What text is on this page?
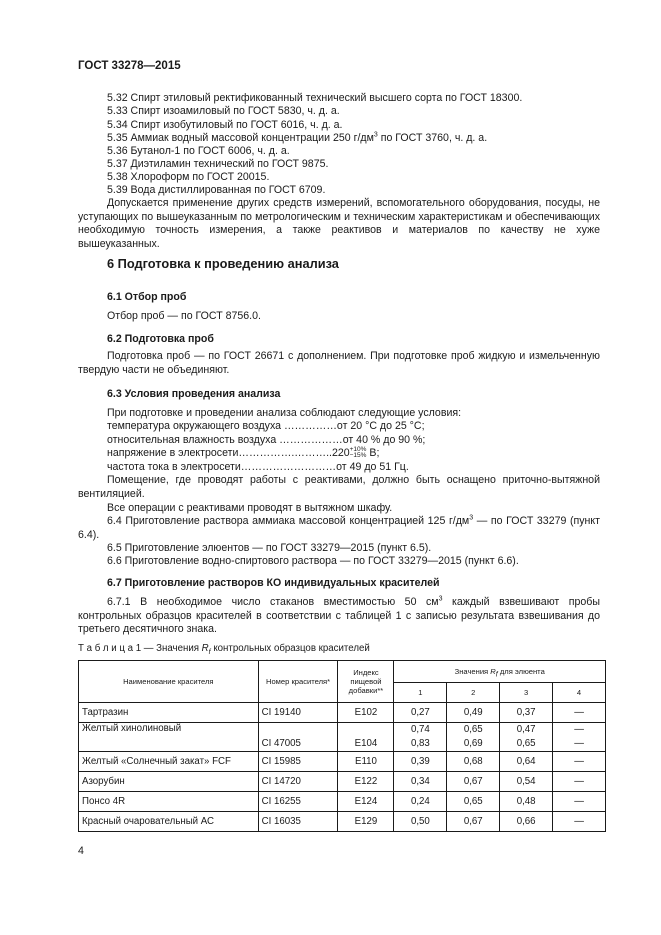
ГОСТ 33278—2015
5.32 Спирт этиловый ректификованный технический высшего сорта по ГОСТ 18300.
5.33 Спирт изоамиловый по ГОСТ 5830, ч. д. а.
5.34 Спирт изобутиловый по ГОСТ 6016, ч. д. а.
5.35 Аммиак водный массовой концентрации 250 $г/дм^3$ по ГОСТ 3760, ч. д. а.
5.36 Бутанол-1 по ГОСТ 6006, ч. д. а.
5.37 Диэтиламин технический по ГОСТ 9875.
5.38 Хлороформ по ГОСТ 20015.
5.39 Вода дистиллированная по ГОСТ 6709.
Допускается применение других средств измерений, вспомогательного оборудования, посуды, не уступающих по вышеуказанным по метрологическим и техническим характеристикам и обеспечивающих необходимую точность измерения, а также реактивов и материалов по качеству не хуже вышеуказанных.
6 Подготовка к проведению анализа
6.1 Отбор проб
Отбор проб — по ГОСТ 8756.0.
6.2 Подготовка проб
Подготовка проб — по ГОСТ 26671 с дополнением. При подготовке проб жидкую и измельченную твердую части не объединяют.
6.3 Условия проведения анализа
При подготовке и проведении анализа соблюдают следующие условия:
температура окружающего воздуха ……………от 20 °С до 25 °С;
относительная влажность воздуха ………………от 40 % до 90 %;
напряжение в электросети…………….………..220 +10%
−15% В;
частота тока в электросети………………………от 49 до 51 Гц.
Помещение, где проводят работы с реактивами, должно быть оснащено приточно-вытяжной вентиляцией.
Все операции с реактивами проводят в вытяжном шкафу.
6.4 Приготовление раствора аммиака массовой концентрацией 125 $г/дм^3$ — по ГОСТ 33279 (пункт 6.4).
6.5 Приготовление элюентов — по ГОСТ 33279—2015 (пункт 6.5).
6.6 Приготовление водно-спиртового раствора — по ГОСТ 33279—2015 (пункт 6.6).
6.7 Приготовление растворов КО индивидуальных красителей
6.7.1 В необходимое число стаканов вместимостью 50 $см^3$ каждый взвешивают пробы контрольных образцов красителей в соответствии с таблицей 1 с записью результата взвешивания до третьего десятичного знака.
Т а б л и ц а 1 — Значения $R_f$ контрольных образцов красителей
Наименование красителя	Номер красителя*	Индекс пищевой добавки**	Значения $R_f$ для элюента			
			1	2	3	4
Тартразин	CI 19140	E102	0,27	0,49	0,37	—
Желтый хинолиновый			0,74	0,65	0,47	—
	CI 47005	E104	0,83	0,69	0,65	—
Желтый «Солнечный закат» FCF	CI 15985	E110	0,39	0,68	0,64	—
Азорубин	CI 14720	E122	0,34	0,67	0,54	—
Понсо 4R	CI 16255	E124	0,24	0,65	0,48	—
Красный очаровательный АС	CI 16035	E129	0,50	0,67	0,66	—
4
